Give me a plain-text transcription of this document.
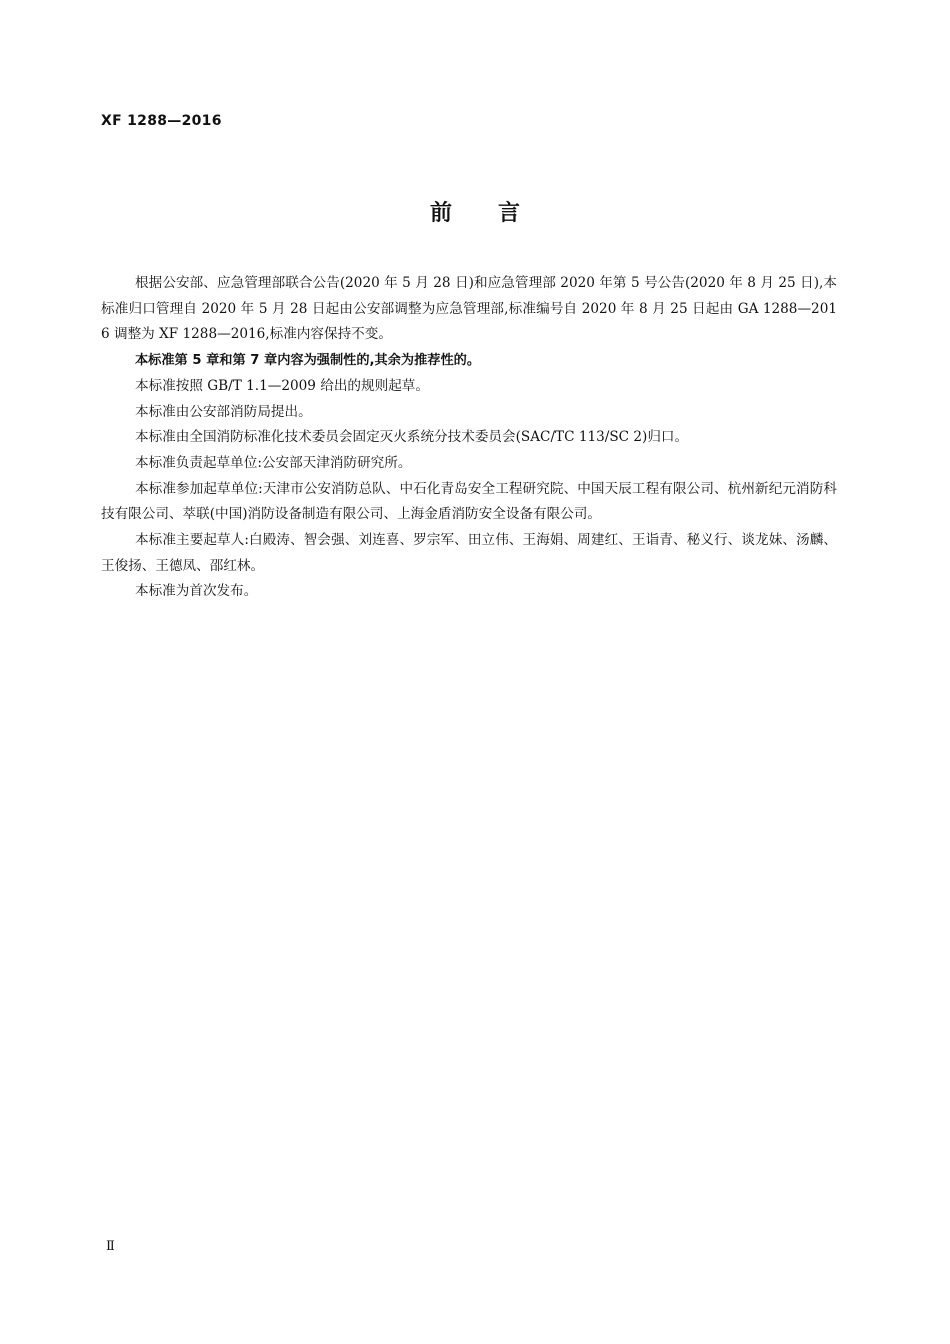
XF 1288—2016
前言

根据公安部、应急管理部联合公告(2020 年 5 月 28 日)和应急管理部 2020 年第 5 号公告(2020 年 8 月 25 日),本标准归口管理自 2020 年 5 月 28 日起由公安部调整为应急管理部,标准编号自 2020 年 8 月 25 日起由 GA 1288—2016 调整为 XF 1288—2016,标准内容保持不变。

本标准第 5 章和第 7 章内容为强制性的,其余为推荐性的。

本标准按照 GB/T 1.1—2009 给出的规则起草。

本标准由公安部消防局提出。

本标准由全国消防标准化技术委员会固定灭火系统分技术委员会(SAC/TC 113/SC 2)归口。

本标准负责起草单位:公安部天津消防研究所。

本标准参加起草单位:天津市公安消防总队、中石化青岛安全工程研究院、中国天辰工程有限公司、杭州新纪元消防科技有限公司、萃联(中国)消防设备制造有限公司、上海金盾消防安全设备有限公司。

本标准主要起草人:白殿涛、智会强、刘连喜、罗宗军、田立伟、王海娟、周建红、王诣青、秘义行、谈龙妹、汤麟、王俊扬、王德凤、邵红林。

本标准为首次发布。

Ⅱ
